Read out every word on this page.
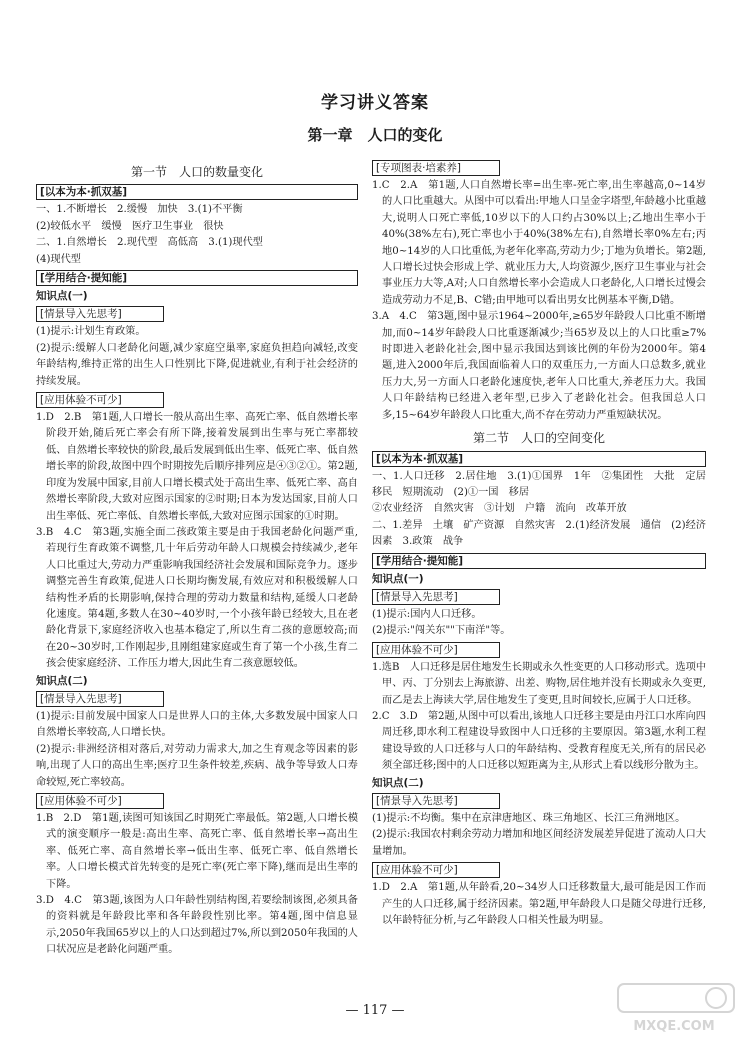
学习讲义答案
第一章　人口的变化
第一节　人口的数量变化
[以本为本·抓双基]

一、1.不断增长　2.缓慢　加快　3.(1)不平衡

(2)较低水平　缓慢　医疗卫生事业　很快

二、1.自然增长　2.现代型　高低高　3.(1)现代型

(4)现代型

[学用结合·提知能]
知识点(一)
[情景导入先思考]

(1)提示:计划生育政策。

(2)提示:缓解人口老龄化问题,减少家庭空巢率,家庭负担趋向减轻,改变年龄结构,维持正常的出生人口性别比下降,促进就业,有利于社会经济的持续发展。

[应用体验不可少]

1.D　2.B　第1题,人口增长一般从高出生率、高死亡率、低自然增长率阶段开始,随后死亡率会有所下降,接着发展到出生率与死亡率都较低、自然增长率较快的阶段,最后发展到低出生率、低死亡率、低自然增长率的阶段,故图中四个时期按先后顺序排列应是④③②①。第2题,印度为发展中国家,目前人口增长模式处于高出生率、低死亡率、高自然增长率阶段,大致对应图示国家的②时期;日本为发达国家,目前人口出生率低、死亡率低、自然增长率低,大致对应图示国家的①时期。

3.B　4.C　第3题,实施全面二孩政策主要是由于我国老龄化问题严重,若现行生育政策不调整,几十年后劳动年龄人口规模会持续减少,老年人口比重过大,劳动力严重影响我国经济社会发展和国际竞争力。逐步调整完善生育政策,促进人口长期均衡发展,有效应对和积极缓解人口结构性矛盾的长期影响,保持合理的劳动力数量和结构,延缓人口老龄化速度。第4题,多数人在30~40岁时,一个小孩年龄已经较大,且在老龄化背景下,家庭经济收入也基本稳定了,所以生育二孩的意愿较高;而在20~30岁时,工作刚起步,且刚组建家庭或生育了第一个小孩,生育二孩会使家庭经济、工作压力增大,因此生育二孩意愿较低。

知识点(二)
[情景导入先思考]

(1)提示:目前发展中国家人口是世界人口的主体,大多数发展中国家人口自然增长率较高,人口增长快。

(2)提示:非洲经济相对落后,对劳动力需求大,加之生育观念等因素的影响,出现了人口的高出生率;医疗卫生条件较差,疾病、战争等导致人口寿命较短,死亡率较高。

[应用体验不可少]

1.B　2.D　第1题,读图可知该国乙时期死亡率最低。第2题,人口增长模式的演变顺序一般是:高出生率、高死亡率、低自然增长率→高出生率、低死亡率、高自然增长率→低出生率、低死亡率、低自然增长率。人口增长模式首先转变的是死亡率(死亡率下降),继而是出生率的下降。

3.D　4.C　第3题,该图为人口年龄性别结构图,若要绘制该图,必须具备的资料就是年龄段比率和各年龄段性别比率。第4题,图中信息显示,2050年我国65岁以上的人口达到超过7%,所以到2050年我国的人口状况应是老龄化问题严重。

[专项图表·培素养]

1.C　2.A　第1题,人口自然增长率=出生率-死亡率,出生率越高,0~14岁的人口比重越大。从图中可以看出:甲地人口呈金字塔型,年龄越小比重越大,说明人口死亡率低,10岁以下的人口约占30%以上;乙地出生率小于40%(38%左右),死亡率也小于40%(38%左右),自然增长率0%左右;丙地0~14岁的人口比重低,为老年化率高,劳动力少;丁地为负增长。第2题,人口增长过快会形成上学、就业压力大,人均资源少,医疗卫生事业与社会事业压力大等,A对;人口自然增长率小会造成人口老龄化,人口增长过慢会造成劳动力不足,B、C错;由甲地可以看出男女比例基本平衡,D错。

3.A　4.C　第3题,图中显示1964~2000年,≥65岁年龄段人口比重不断增加,而0~14岁年龄段人口比重逐渐减少;当65岁及以上的人口比重≥7%时即进入老龄化社会,图中显示我国达到该比例的年份为2000年。第4题,进入2000年后,我国面临着人口的双重压力,一方面人口总数多,就业压力大,另一方面人口老龄化速度快,老年人口比重大,养老压力大。我国人口年龄结构已经进入老年型,已步入了老龄化社会。但我国总人口多,15~64岁年龄段人口比重大,尚不存在劳动力严重短缺状况。

第二节　人口的空间变化
[以本为本·抓双基]

一、1.人口迁移　2.居住地　3.(1)①国界　1年　②集团性　大批　定居移民　短期流动　(2)①一国　移居

②农业经济　自然灾害　③计划　户籍　流向　改革开放

二、1.差异　土壤　矿产资源　自然灾害　2.(1)经济发展　通信　(2)经济因素　3.政策　战争

[学用结合·提知能]
知识点(一)
[情景导入先思考]

(1)提示:国内人口迁移。

(2)提示:"闯关东""下南洋"等。

[应用体验不可少]

1.选B　人口迁移是居住地发生长期或永久性变更的人口移动形式。选项中甲、丙、丁分别去上海旅游、出差、购物,居住地并没有长期或永久变更,而乙是去上海读大学,居住地发生了变更,且时间较长,应属于人口迁移。

2.C　3.D　第2题,从图中可以看出,该地人口迁移主要是由丹江口水库向四周迁移,即水利工程建设导致图中人口迁移的主要原因。第3题,水利工程建设导致的人口迁移与人口的年龄结构、受教育程度无关,所有的居民必须全部迁移;图中的人口迁移以短距离为主,从形式上看以线形分散为主。

知识点(二)
[情景导入先思考]

(1)提示:不均衡。集中在京津唐地区、珠三角地区、长江三角洲地区。

(2)提示:我国农村剩余劳动力增加和地区间经济发展差异促进了流动人口大量增加。

[应用体验不可少]

1.D　2.A　第1题,从年龄看,20~34岁人口迁移数量大,最可能是因工作而产生的人口迁移,属于经济因素。第2题,甲年龄段人口是随父母进行迁移,以年龄特征分析,与乙年龄段人口相关性最为明显。

— 117 —
MXQE.COM
